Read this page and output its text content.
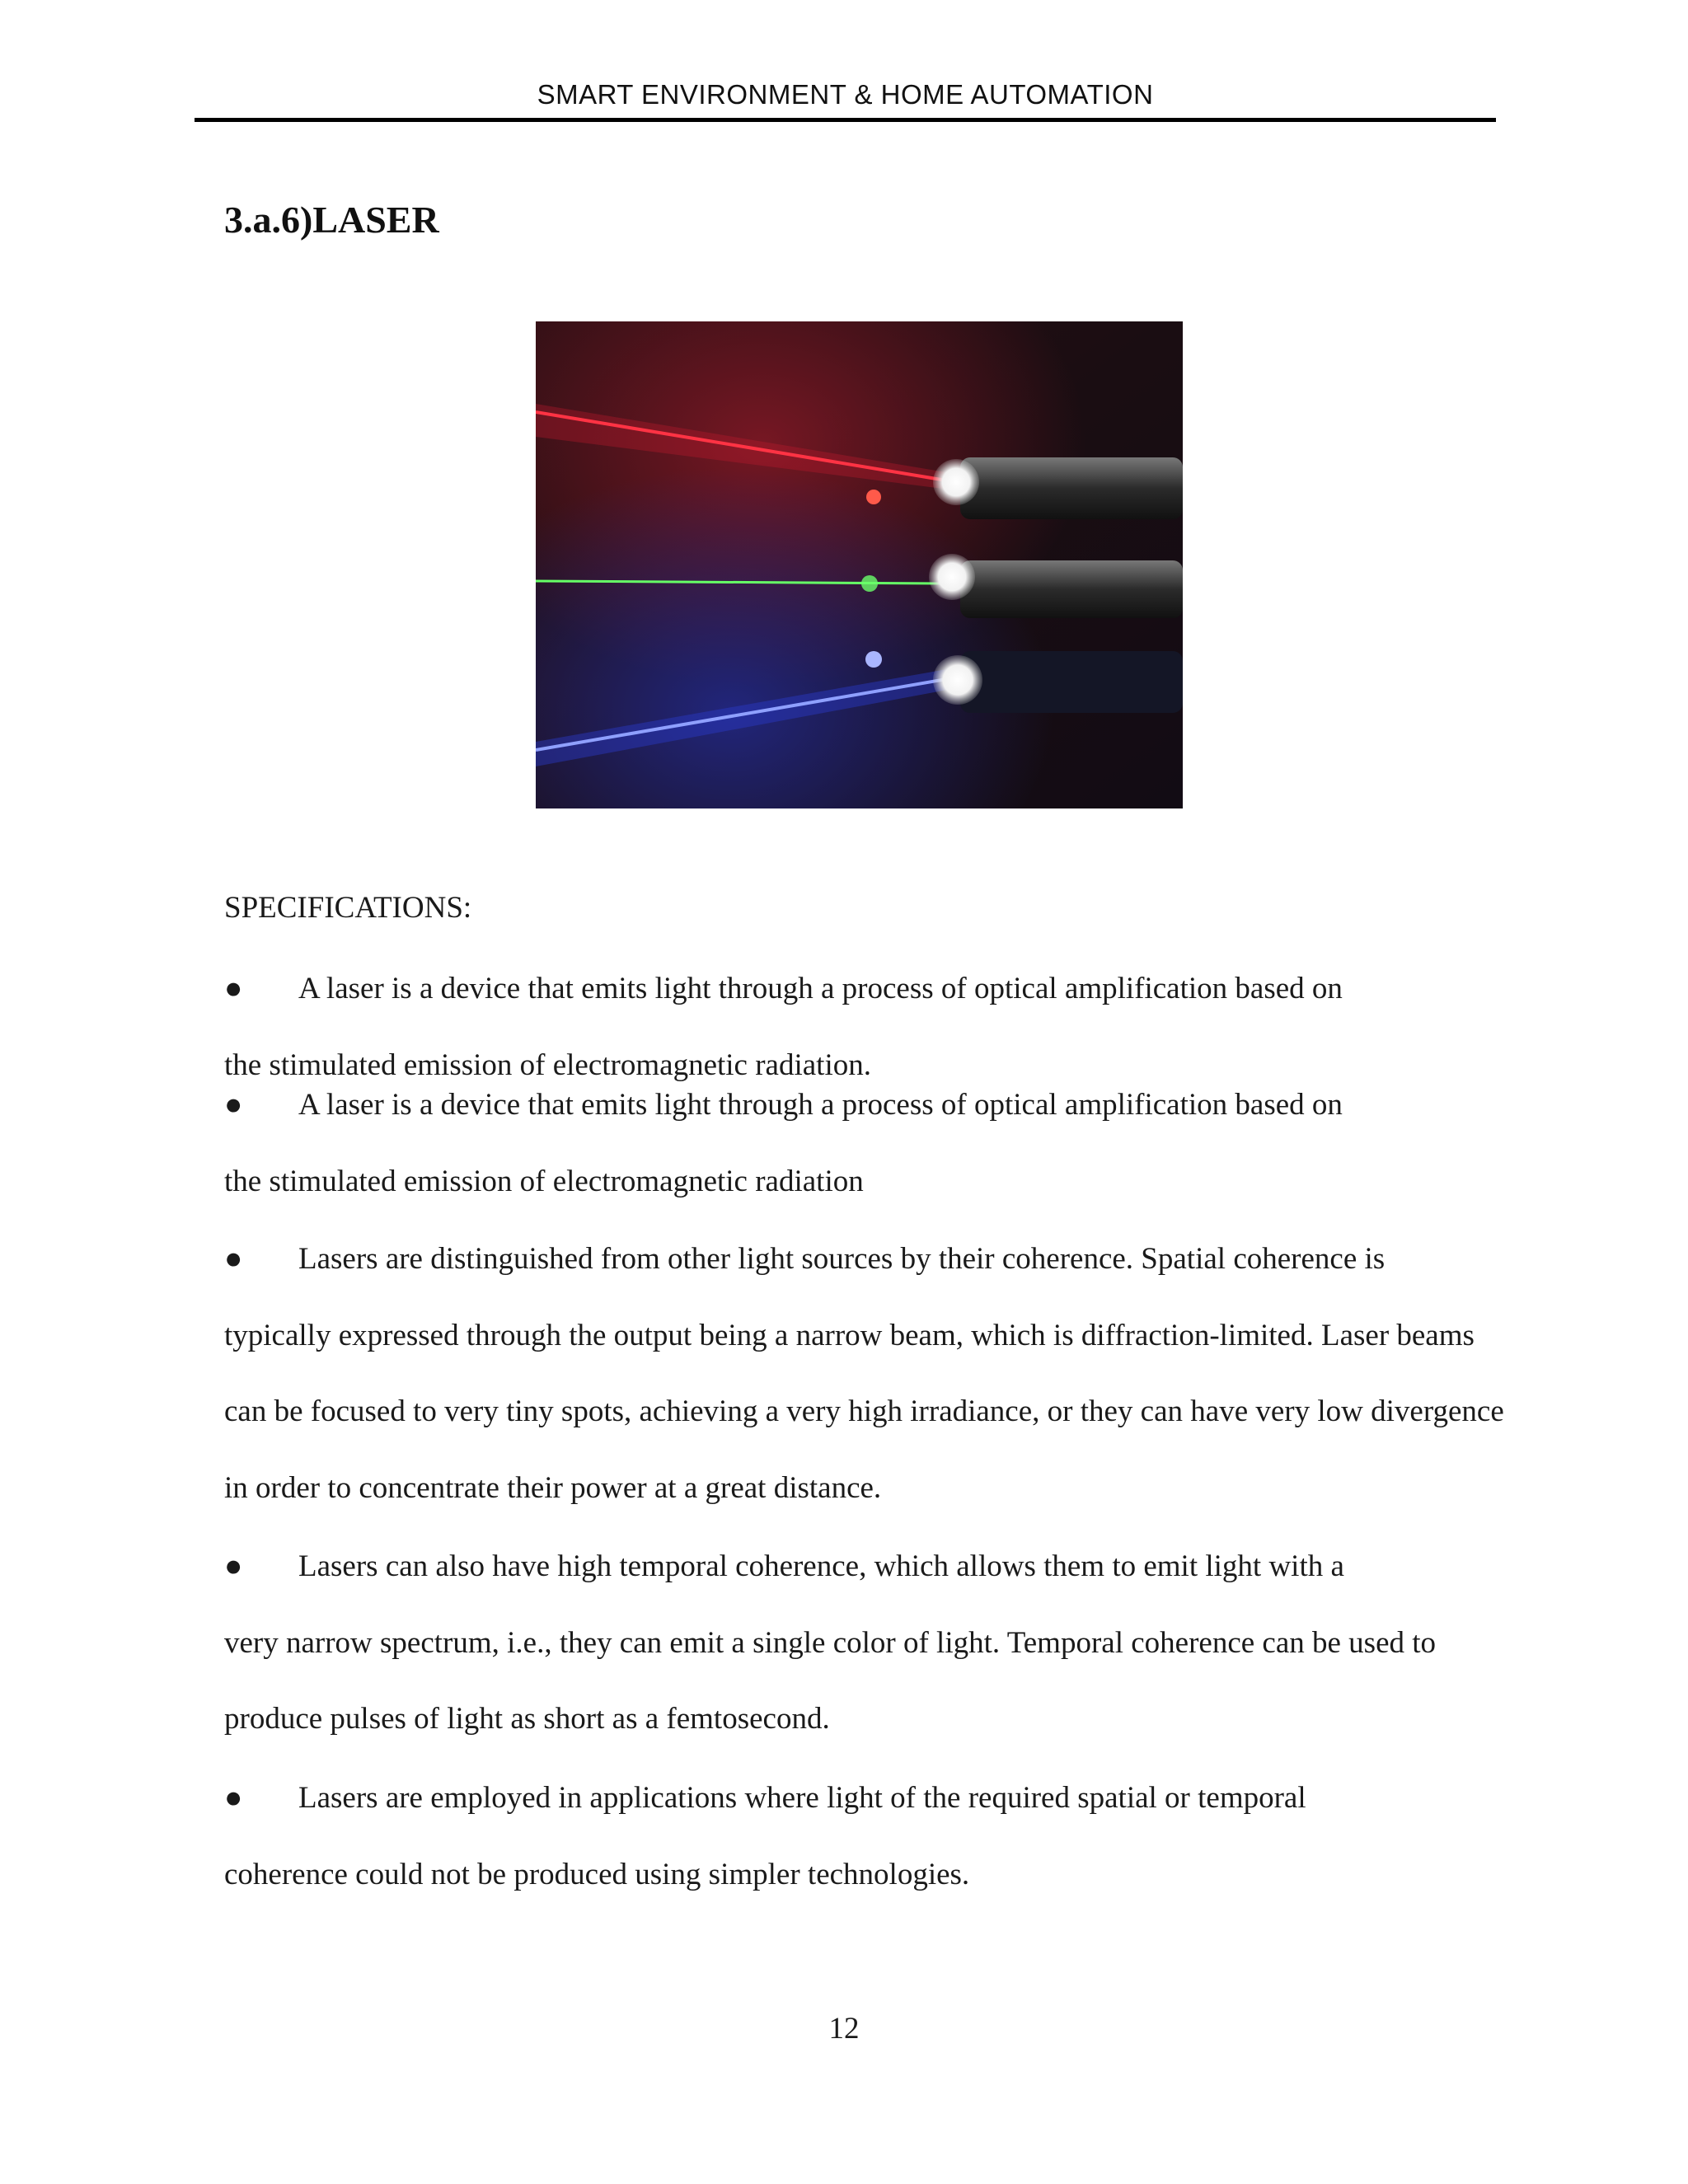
SMART ENVIRONMENT & HOME AUTOMATION
3.a.6)LASER
SPECIFICATIONS:
●	A laser is a device that emits light through a process of optical amplification based on
the stimulated emission of electromagnetic radiation.
●	A laser is a device that emits light through a process of optical amplification based on
the stimulated emission of electromagnetic radiation
●	Lasers are distinguished from other light sources by their coherence. Spatial coherence is
typically expressed through the output being a narrow beam, which is diffraction-limited. Laser beams can be focused to very tiny spots, achieving a very high irradiance, or they can have very low divergence in order to concentrate their power at a great distance.
●	Lasers can also have high temporal coherence, which allows them to emit light with a
very narrow spectrum, i.e., they can emit a single color of light. Temporal coherence can be used to produce pulses of light as short as a femtosecond.
●	Lasers are employed in applications where light of the required spatial or temporal
coherence could not be produced using simpler technologies.
12
